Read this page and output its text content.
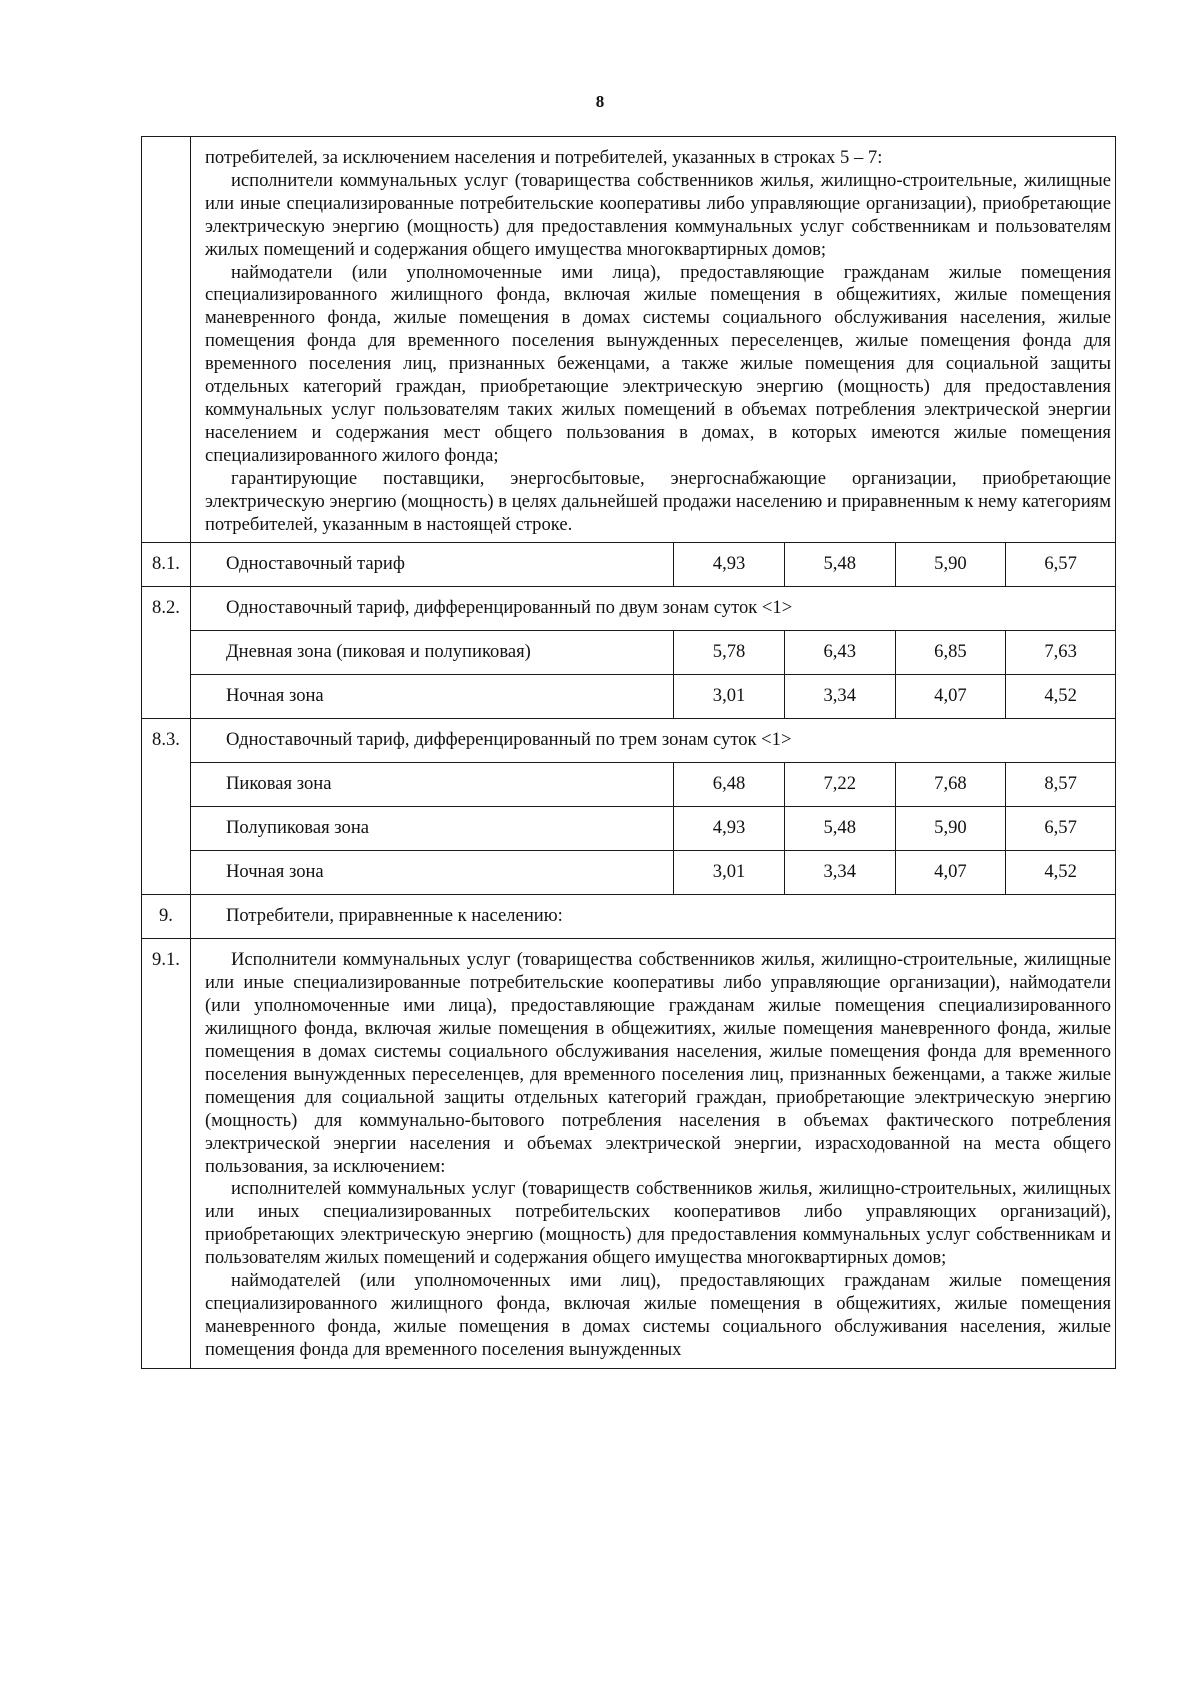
8

	потребителей, за исключением населения и потребителей, указанных в строках 5 – 7:
исполнители коммунальных услуг (товарищества собственников жилья, жилищно-строительные, жилищные или иные специализированные потребительские кооперативы либо управляющие организации), приобретающие электрическую энергию (мощность) для предоставления коммунальных услуг собственникам и пользователям жилых помещений и содержания общего имущества многоквартирных домов;
наймодатели (или уполномоченные ими лица), предоставляющие гражданам жилые помещения специализированного жилищного фонда, включая жилые помещения в общежитиях, жилые помещения маневренного фонда, жилые помещения в домах системы социального обслуживания населения, жилые помещения фонда для временного поселения вынужденных переселенцев, жилые помещения фонда для временного поселения лиц, признанных беженцами, а также жилые помещения для социальной защиты отдельных категорий граждан, приобретающие электрическую энергию (мощность) для предоставления коммунальных услуг пользователям таких жилых помещений в объемах потребления электрической энергии населением и содержания мест общего пользования в домах, в которых имеются жилые помещения специализированного жилого фонда;
гарантирующие поставщики, энергосбытовые, энергоснабжающие организации, приобретающие электрическую энергию (мощность) в целях дальнейшей продажи населению и приравненным к нему категориям потребителей, указанным в настоящей строке.				

8.1.	Одноставочный тариф	4,93	5,48	5,90	6,57
8.2.	Одноставочный тариф, дифференцированный по двум зонам суток <1>				
	Дневная зона (пиковая и полупиковая)	5,78	6,43	6,85	7,63
	Ночная зона	3,01	3,34	4,07	4,52
8.3.	Одноставочный тариф, дифференцированный по трем зонам суток <1>				
	Пиковая зона	6,48	7,22	7,68	8,57
	Полупиковая зона	4,93	5,48	5,90	6,57
	Ночная зона	3,01	3,34	4,07	4,52
9.	Потребители, приравненные к населению:				
9.1.	Исполнители коммунальных услуг (товарищества собственников жилья, жилищно-строительные, жилищные или иные специализированные потребительские кооперативы либо управляющие организации), наймодатели (или уполномоченные ими лица), предоставляющие гражданам жилые помещения специализированного жилищного фонда, включая жилые помещения в общежитиях, жилые помещения маневренного фонда, жилые помещения в домах системы социального обслуживания населения, жилые помещения фонда для временного поселения вынужденных переселенцев, для временного поселения лиц, признанных беженцами, а также жилые помещения для социальной защиты отдельных категорий граждан, приобретающие электрическую энергию (мощность) для коммунально-бытового потребления населения в объемах фактического потребления электрической энергии населения и объемах электрической энергии, израсходованной на места общего пользования, за исключением:
исполнителей коммунальных услуг (товариществ собственников жилья, жилищно-строительных, жилищных или иных специализированных потребительских кооперативов либо управляющих организаций), приобретающих электрическую энергию (мощность) для предоставления коммунальных услуг собственникам и пользователям жилых помещений и содержания общего имущества многоквартирных домов;
наймодателей (или уполномоченных ими лиц), предоставляющих гражданам жилые помещения специализированного жилищного фонда, включая жилые помещения в общежитиях, жилые помещения маневренного фонда, жилые помещения в домах системы социального обслуживания населения, жилые помещения фонда для временного поселения вынужденных				
